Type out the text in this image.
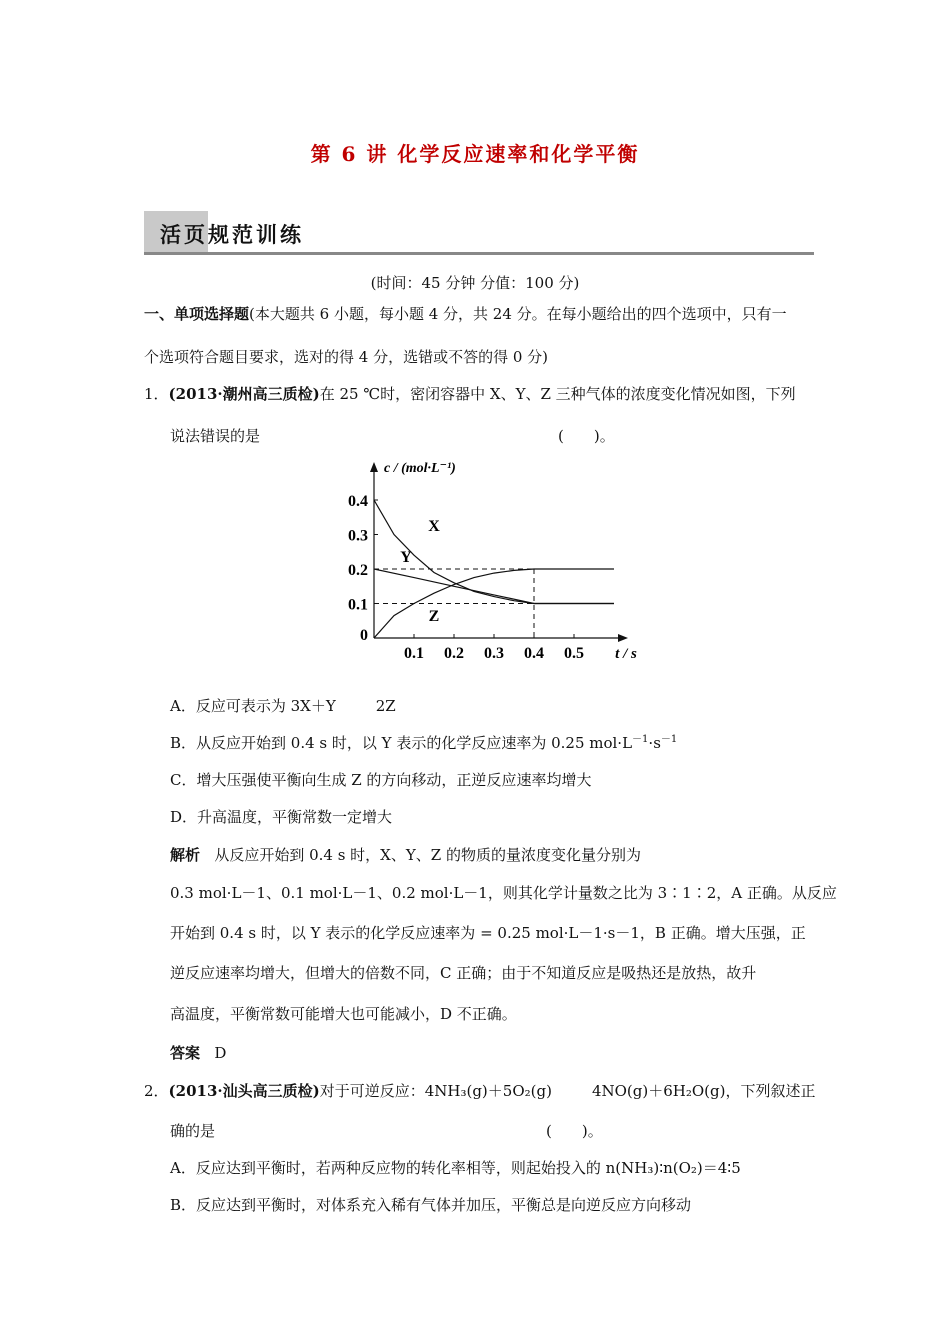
第 6 讲 化学反应速率和化学平衡
活页规范训练
(时间：45 分钟 分值：100 分)
一、单项选择题(本大题共 6 小题，每小题 4 分，共 24 分。在每小题给出的四个选项中，只有一
个选项符合题目要求，选对的得 4 分，选错或不答的得 0 分)
1．(2013·潮州高三质检)在 25 ℃时，密闭容器中 X、Y、Z 三种气体的浓度变化情况如图，下列
说法错误的是	(　　)。
0.1 0.2 0.3 0.4 0.5
0.4
0.3
0.2
0.1
0
c / (mol·L⁻¹)
t / s
X
Y
Z
A．反应可表示为 3X＋Y	2Z
B．从反应开始到 0.4 s 时，以 Y 表示的化学反应速率为 0.25 $mol\cdot L^{-1}\cdot s^{-1}$
C．增大压强使平衡向生成 Z 的方向移动，正逆反应速率均增大
D．升高温度，平衡常数一定增大
解析 从反应开始到 0.4 s 时，X、Y、Z 的物质的量浓度变化量分别为
0.3 mol·L－1、0.1 mol·L－1、0.2 mol·L－1，则其化学计量数之比为 3∶1∶2，A 正确。从反应
开始到 0.4 s 时，以 Y 表示的化学反应速率为 = 0.25 mol·L－1·s－1，B 正确。增大压强，正
逆反应速率均增大，但增大的倍数不同，C 正确；由于不知道反应是吸热还是放热，故升
高温度，平衡常数可能增大也可能减小，D 不正确。
答案 D
2．(2013·汕头高三质检)对于可逆反应：4NH₃(g)＋5O₂(g)	4NO(g)＋6H₂O(g)，下列叙述正
确的是	(　　)。
A．反应达到平衡时，若两种反应物的转化率相等，则起始投入的 n(NH₃)∶n(O₂)＝4∶5
B．反应达到平衡时，对体系充入稀有气体并加压，平衡总是向逆反应方向移动
